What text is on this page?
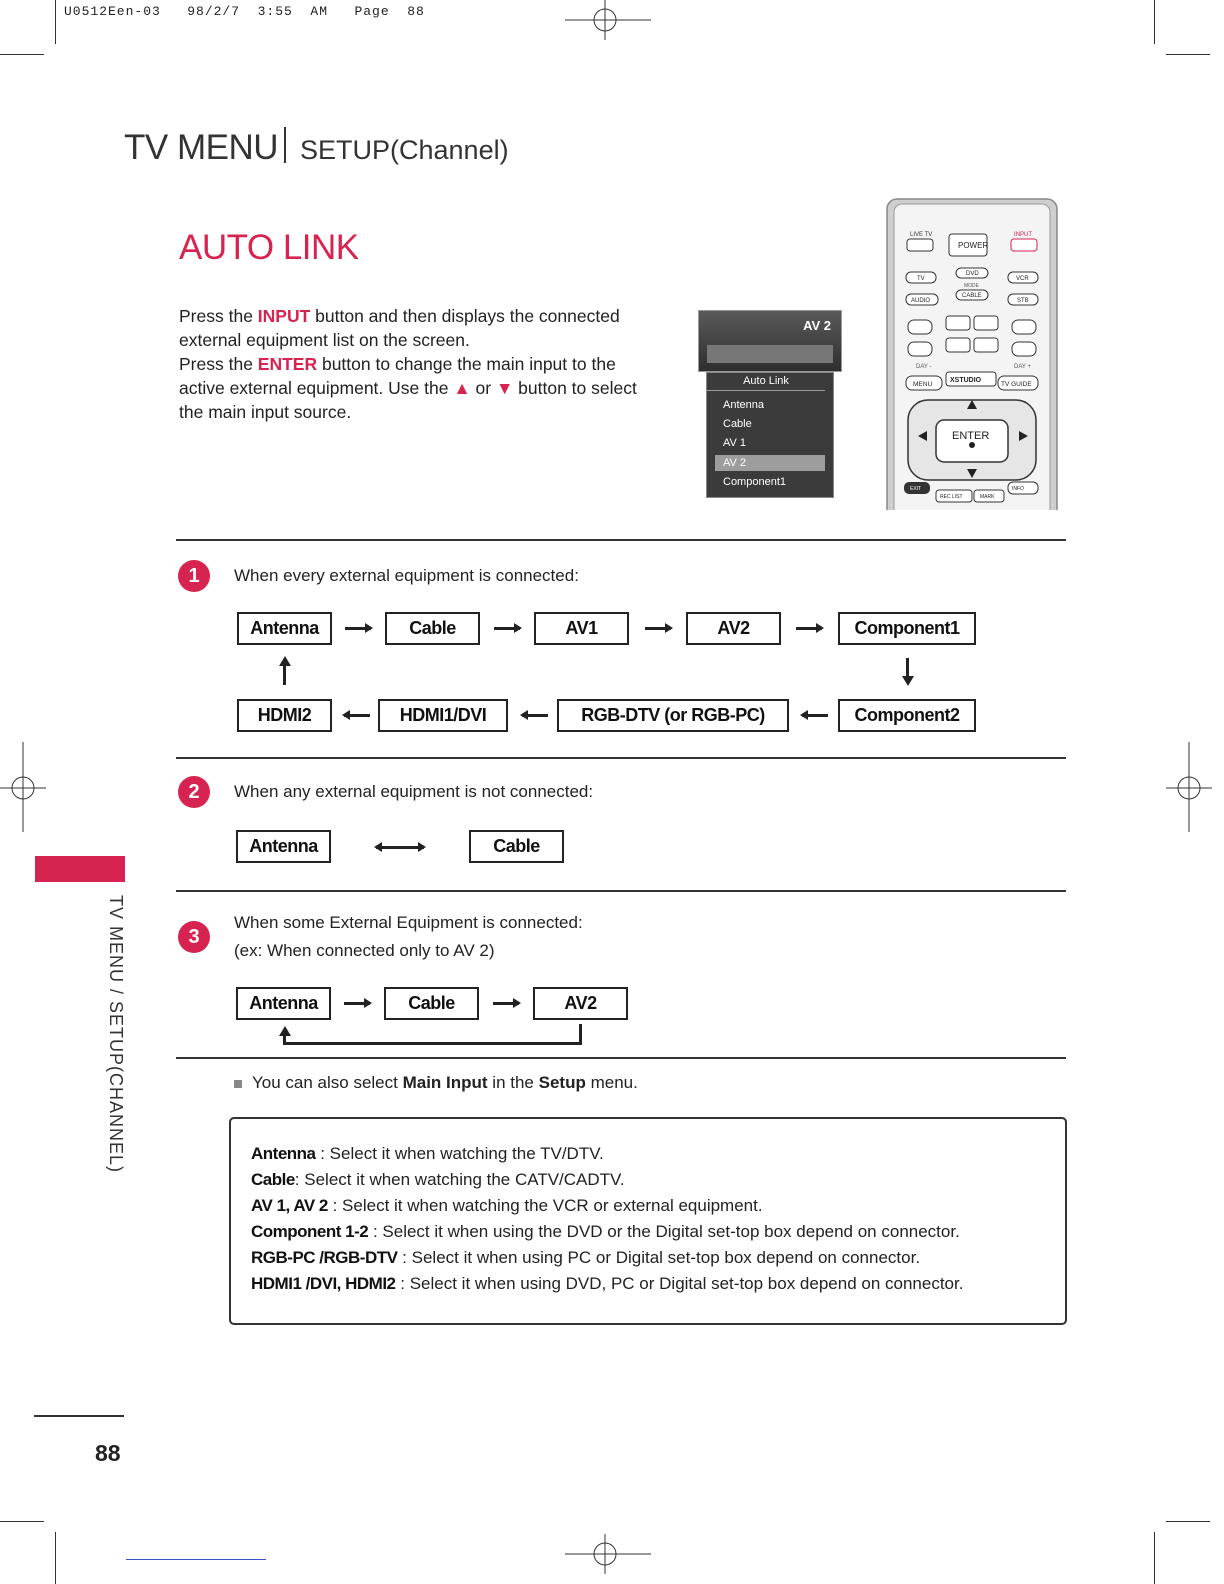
U0512Een-03   98/2/7  3:55  AM   Page  88
TV MENU SETUP(Channel)
AUTO LINK
Press the INPUT button and then displays the connected external equipment list on the screen.
Press the ENTER button to change the main input to the active external equipment. Use the ▲ or ▼ button to select the main input source.
AV 2
Auto Link
Antenna
Cable
AV 1
AV 2
Component1
LIVE TV
POWER
INPUT
TV
DVD
VCR
MODE
AUDIO
CABLE
STB
DAY -	DAY +
MENU
XSTUDIO
TV GUIDE
ENTER
EXIT
REC LIST	MARK
INFO
1	When every external equipment is connected:
Antenna	Cable	AV1	AV2	Component1
HDMI2	HDMI1/DVI	RGB-DTV (or RGB-PC)	Component2
2	When any external equipment is not connected:
Antenna	Cable
3
When some External Equipment is connected:
(ex: When connected only to AV 2)
Antenna	Cable	AV2
You can also select Main Input in the Setup menu.
Antenna : Select it when watching the TV/DTV.
Cable: Select it when watching the CATV/CADTV.
AV 1, AV 2 : Select it when watching the VCR or external equipment.
Component 1-2 : Select it when using the DVD or the Digital set-top box depend on connector.
RGB-PC /RGB-DTV : Select it when using PC or Digital set-top box depend on connector.
HDMI1 /DVI, HDMI2 : Select it when using DVD, PC or Digital set-top box depend on connector.
TV MENU / SETUP(CHANNEL)
88
